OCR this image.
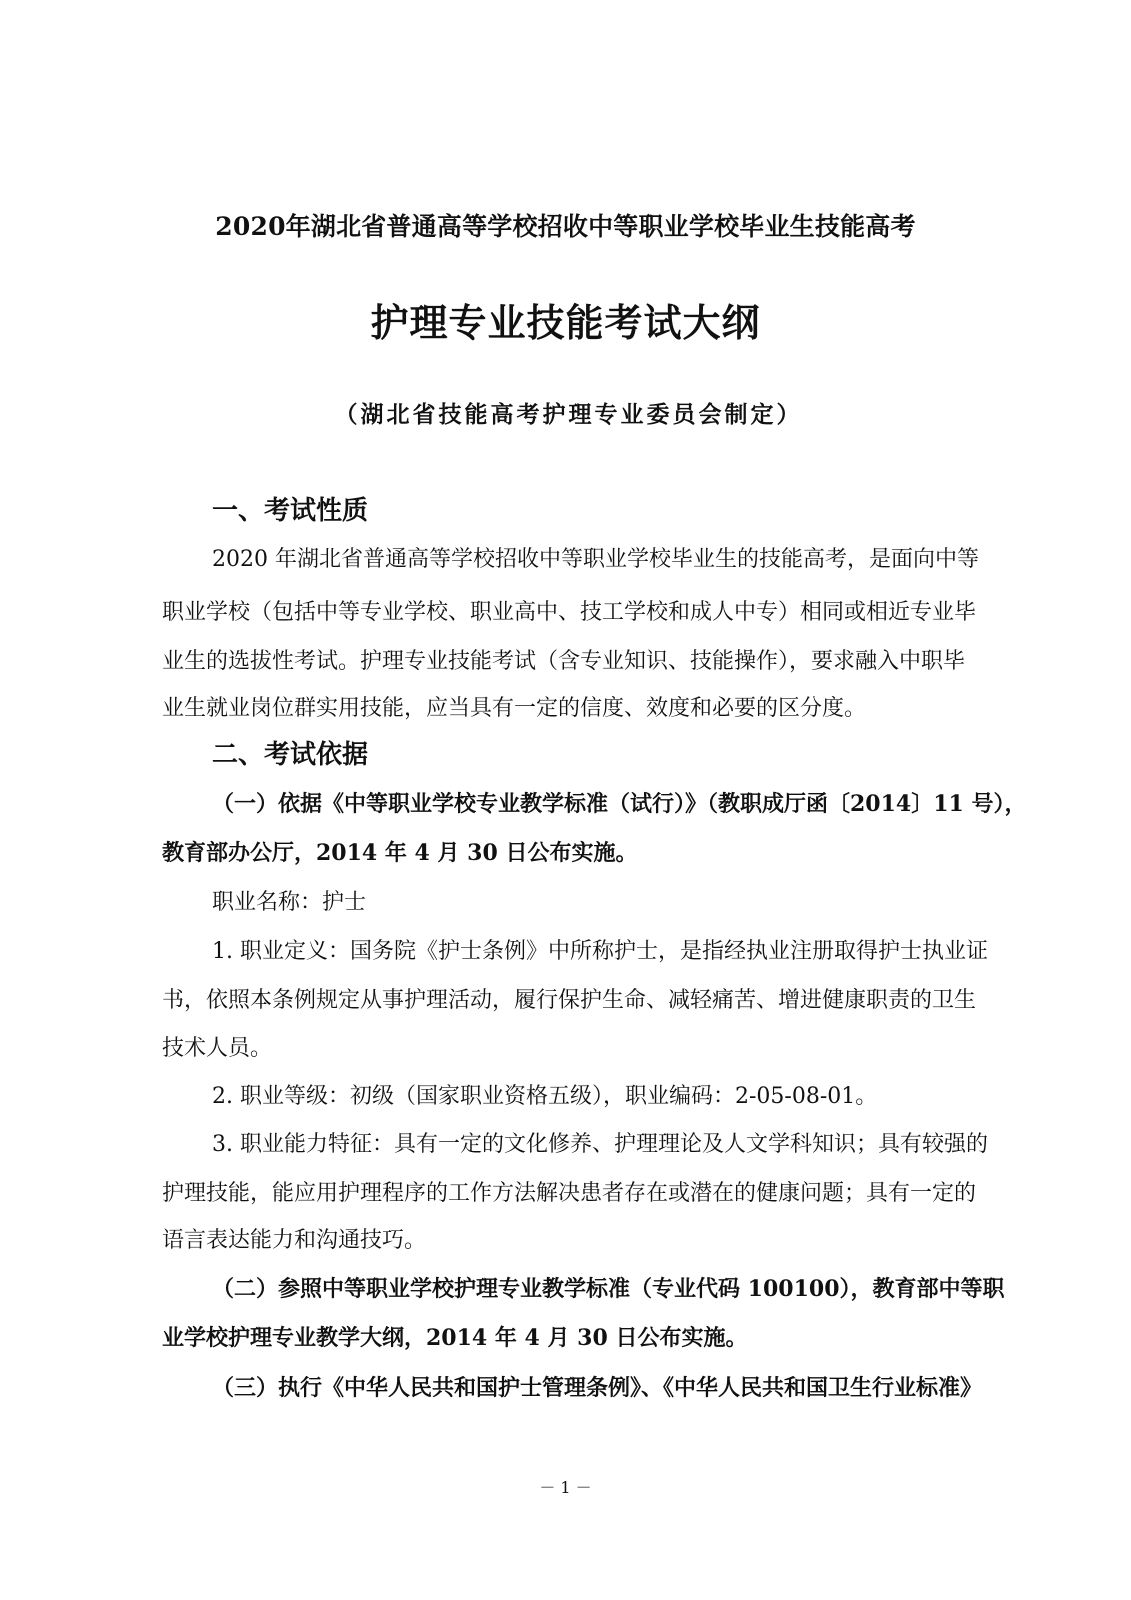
2020年湖北省普通高等学校招收中等职业学校毕业生技能高考
护理专业技能考试大纲

（湖北省技能高考护理专业委员会制定）

一、考试性质

2020 年湖北省普通高等学校招收中等职业学校毕业生的技能高考，是面向中等

职业学校（包括中等专业学校、职业高中、技工学校和成人中专）相同或相近专业毕

业生的选拔性考试。护理专业技能考试（含专业知识、技能操作），要求融入中职毕

业生就业岗位群实用技能，应当具有一定的信度、效度和必要的区分度。

二、考试依据

（一）依据《中等职业学校专业教学标准（试行）》（教职成厅函〔2014〕11 号），

教育部办公厅，2014 年 4 月 30 日公布实施。

职业名称：护士

1. 职业定义：国务院《护士条例》中所称护士，是指经执业注册取得护士执业证

书，依照本条例规定从事护理活动，履行保护生命、减轻痛苦、增进健康职责的卫生

技术人员。

2. 职业等级：初级（国家职业资格五级），职业编码：2-05-08-01。

3. 职业能力特征：具有一定的文化修养、护理理论及人文学科知识；具有较强的

护理技能，能应用护理程序的工作方法解决患者存在或潜在的健康问题；具有一定的

语言表达能力和沟通技巧。

（二）参照中等职业学校护理专业教学标准（专业代码 100100），教育部中等职

业学校护理专业教学大纲，2014 年 4 月 30 日公布实施。

（三）执行《中华人民共和国护士管理条例》、《中华人民共和国卫生行业标准》

－ 1 －
